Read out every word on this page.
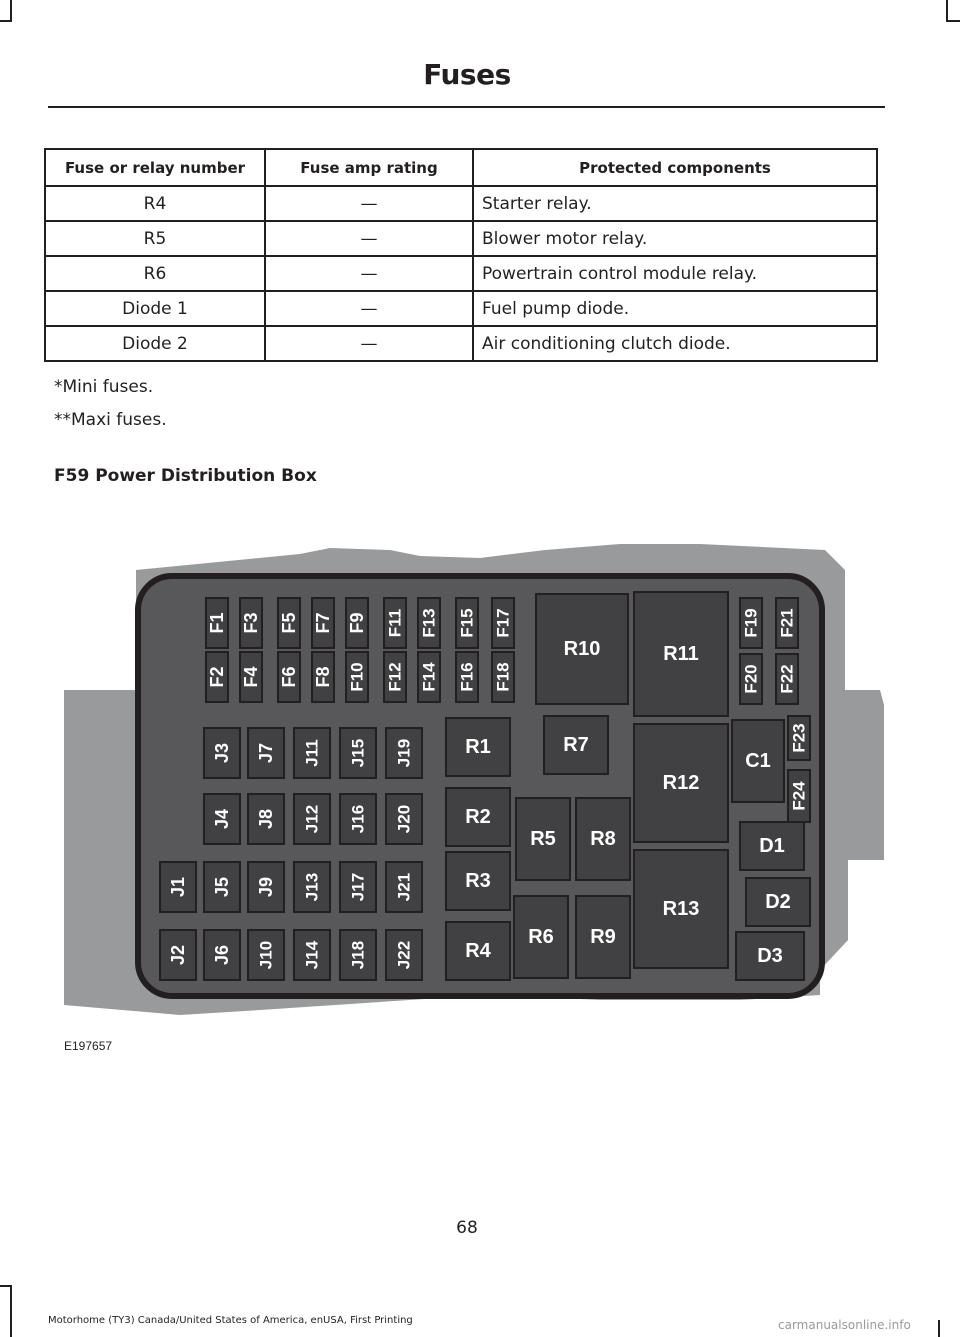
Fuses
Fuse or relay number	Fuse amp rating	Protected components
R4	—	Starter relay.
R5	—	Blower motor relay.
R6	—	Powertrain control module relay.
Diode 1	—	Fuel pump diode.
Diode 2	—	Air conditioning clutch diode.
*Mini fuses.
**Maxi fuses.
F59 Power Distribution Box
F1 F3 F5 F7 F9 F11 F13 F15 F17
F2 F4 F6 F8 F10 F12 F14 F16 F18
F19 F21
F20 F22
F23
F24
J3 J7 J11 J15 J19
J4 J8 J12 J16 J20
J1 J5 J9 J13 J17 J21
J2 J6 J10 J14 J18 J22
R10	R11
R1	R7
R12
C1
R2
R5 R8	D1
R3
R13	D2
R4
R6 R9
D3
E197657
68
Motorhome (TY3) Canada/United States of America, enUSA, First Printing	carmanualsonline.info
